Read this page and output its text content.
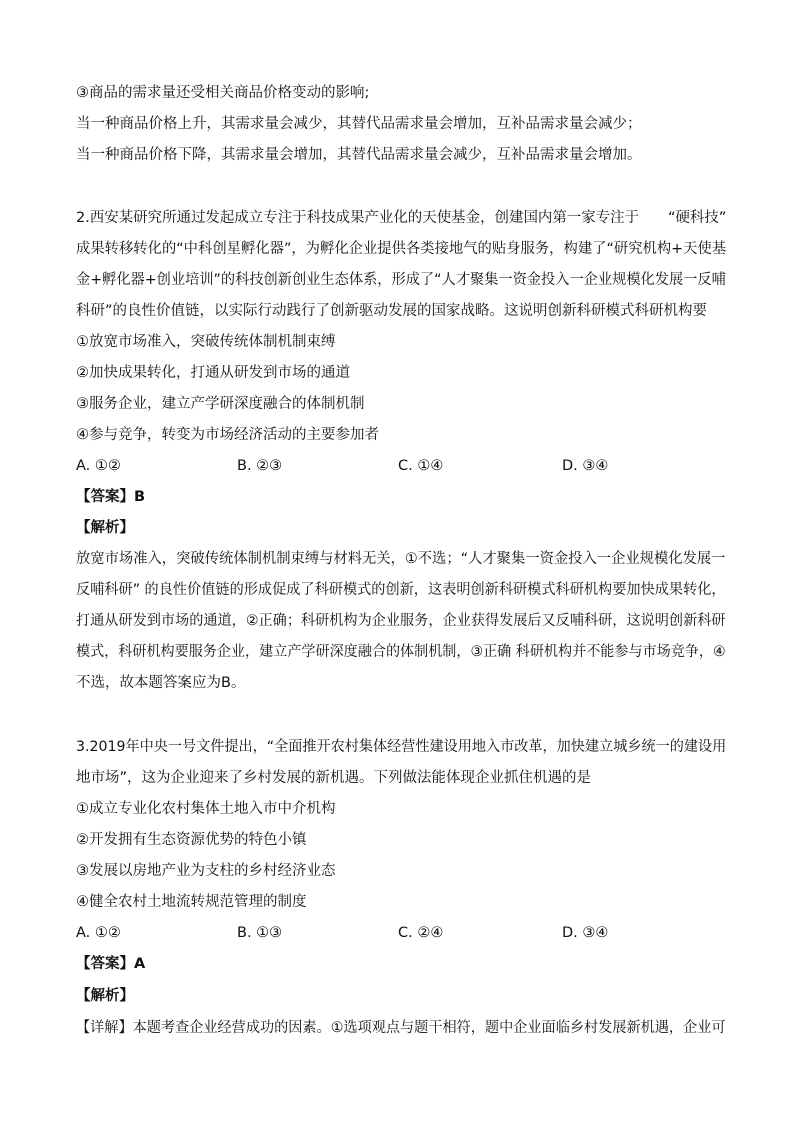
③商品的需求量还受相关商品价格变动的影响;
当一种商品价格上升，其需求量会减少，其替代品需求量会增加，互补品需求量会减少；
当一种商品价格下降，其需求量会增加，其替代品需求量会减少，互补品需求量会增加。
2.西安某研究所通过发起成立专注于科技成果产业化的天使基金，创建国内第一家专注于　　“硬科技”
成果转移转化的“中科创星孵化器”，为孵化企业提供各类接地气的贴身服务，构建了“研究机构+天使基
金+孵化器+创业培训”的科技创新创业生态体系，形成了“人才聚集一资金投入一企业规模化发展一反哺
科研”的良性价值链，以实际行动践行了创新驱动发展的国家战略。这说明创新科研模式科研机构要
①放宽市场准入，突破传统体制机制束缚
②加快成果转化，打通从研发到市场的通道
③服务企业，建立产学研深度融合的体制机制
④参与竞争，转变为市场经济活动的主要参加者
A. ①②	B. ②③	C. ①④	D. ③④
【答案】B
【解析】
放宽市场准入，突破传统体制机制束缚与材料无关，①不选；“人才聚集一资金投入一企业规模化发展一
反哺科研” 的良性价值链的形成促成了科研模式的创新，这表明创新科研模式科研机构要加快成果转化，
打通从研发到市场的通道，②正确；科研机构为企业服务，企业获得发展后又反哺科研，这说明创新科研
模式，科研机构要服务企业，建立产学研深度融合的体制机制，③正确 科研机构并不能参与市场竞争，④
不选，故本题答案应为B。
3.2019年中央一号文件提出，“全面推开农村集体经营性建设用地入市改革，加快建立城乡统一的建设用
地市场”，这为企业迎来了乡村发展的新机遇。下列做法能体现企业抓住机遇的是
①成立专业化农村集体土地入市中介机构
②开发拥有生态资源优势的特色小镇
③发展以房地产业为支柱的乡村经济业态
④健全农村土地流转规范管理的制度
A. ①②	B. ①③	C. ②④	D. ③④
【答案】A
【解析】
【详解】本题考查企业经营成功的因素。①选项观点与题干相符，题中企业面临乡村发展新机遇，企业可
